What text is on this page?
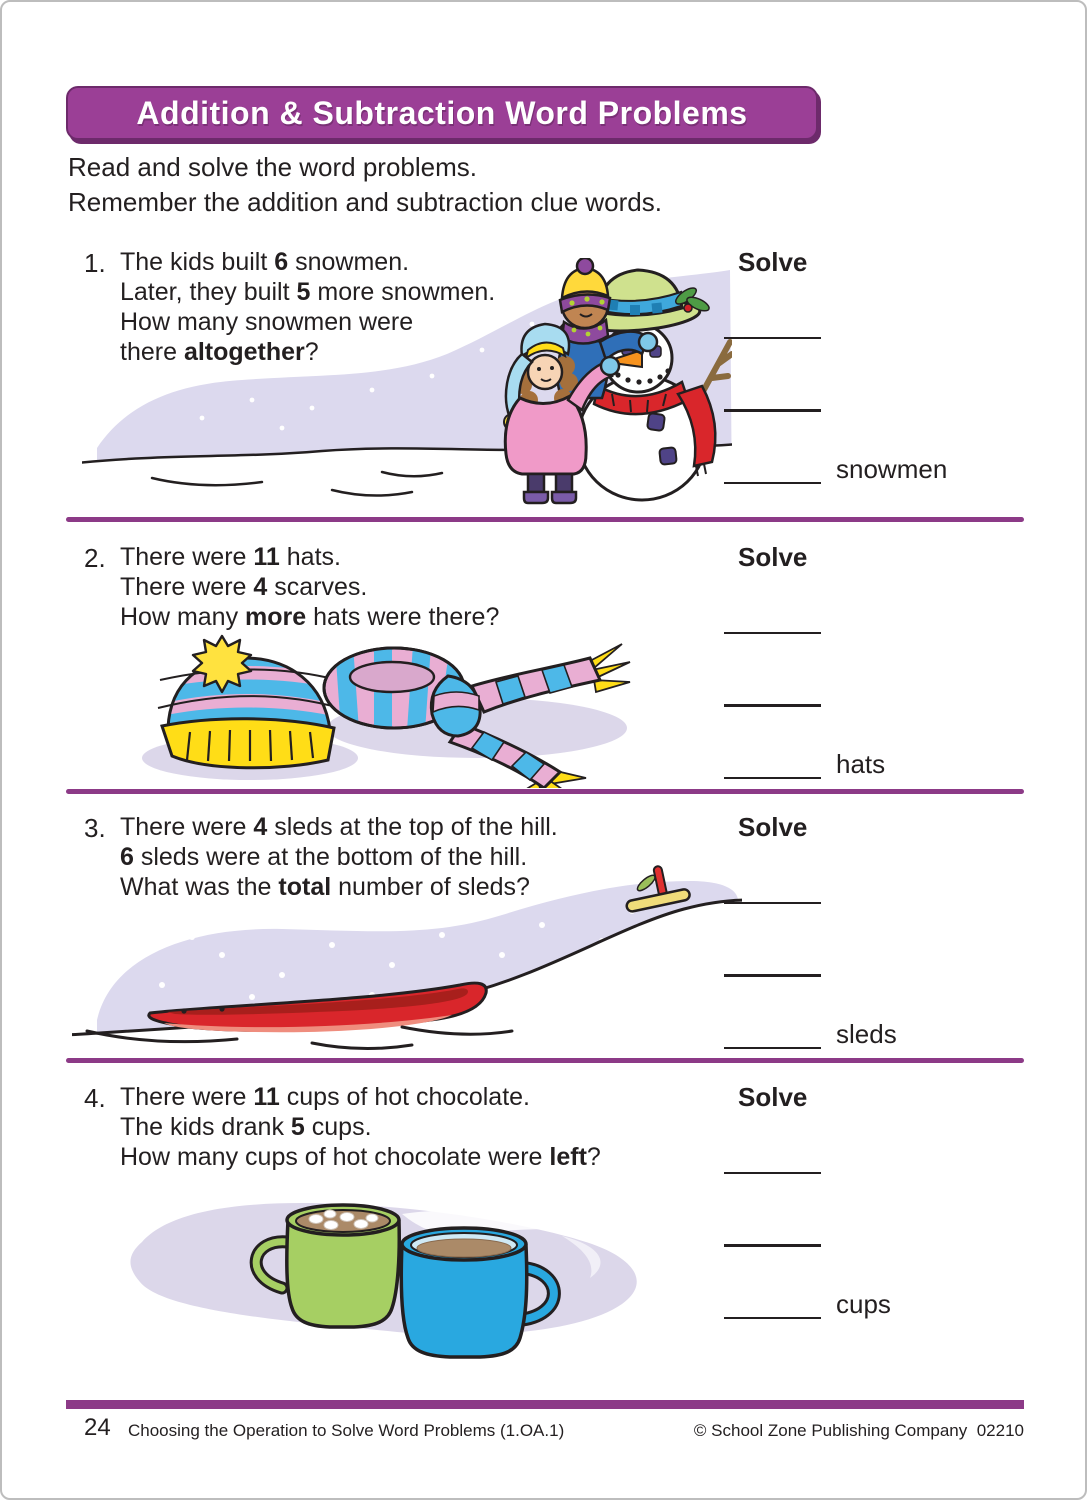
Addition & Subtraction Word Problems
Read and solve the word problems.
Remember the addition and subtraction clue words.
1. The kids built 6 snowmen.
Later, they built 5 more snowmen.
How many snowmen were
there altogether?
Solve
snowmen
2. There were 11 hats.
There were 4 scarves.
How many more hats were there?
Solve
hats
3. There were 4 sleds at the top of the hill.
6 sleds were at the bottom of the hill.
What was the total number of sleds?
Solve
sleds
4. There were 11 cups of hot chocolate.
The kids drank 5 cups.
How many cups of hot chocolate were left?
Solve
cups
24 Choosing the Operation to Solve Word Problems (1.OA.1)	© School Zone Publishing Company  02210
